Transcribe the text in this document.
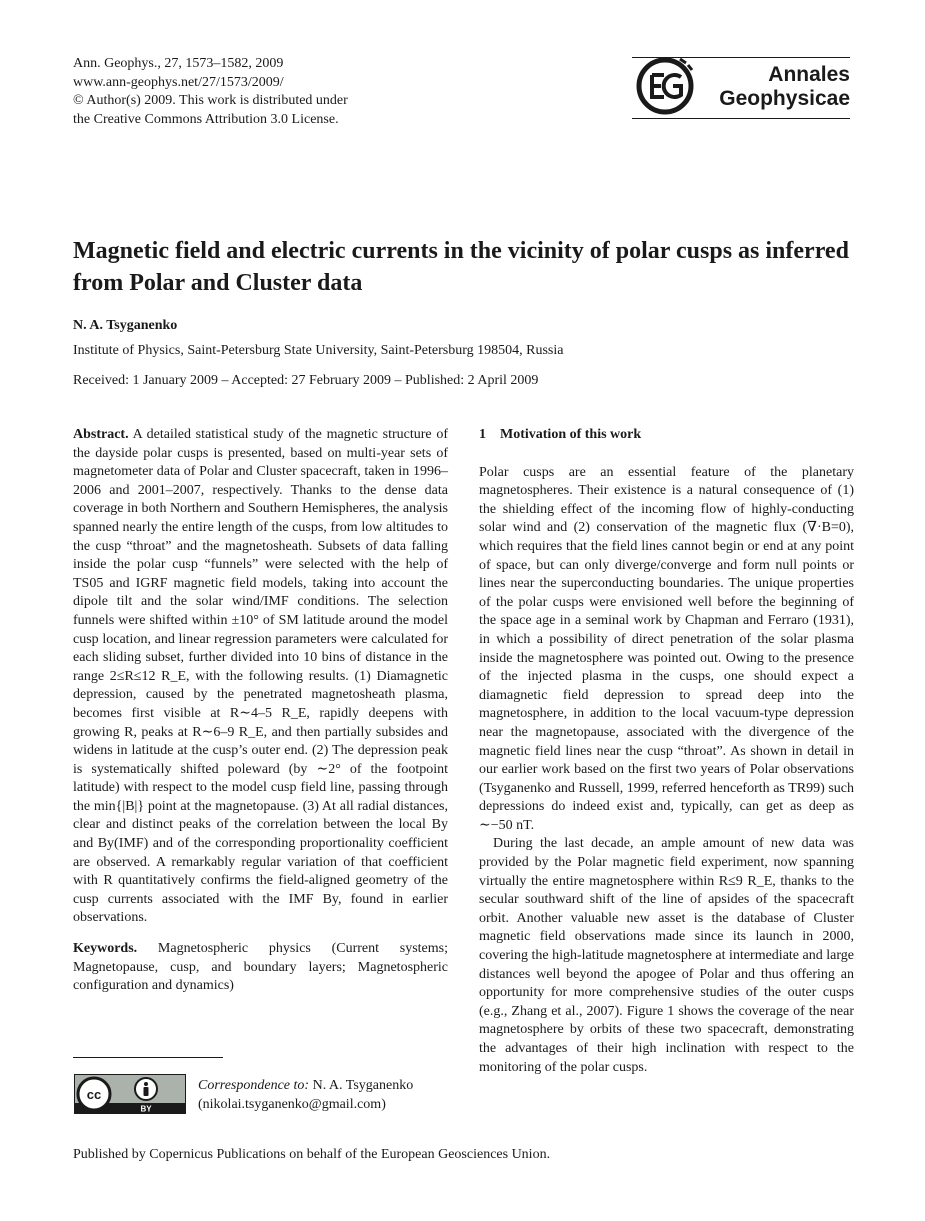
Ann. Geophys., 27, 1573–1582, 2009
www.ann-geophys.net/27/1573/2009/
© Author(s) 2009. This work is distributed under
the Creative Commons Attribution 3.0 License.
Annales
Geophysicae
Magnetic field and electric currents in the vicinity of polar cusps as inferred from Polar and Cluster data
N. A. Tsyganenko
Institute of Physics, Saint-Petersburg State University, Saint-Petersburg 198504, Russia
Received: 1 January 2009 – Accepted: 27 February 2009 – Published: 2 April 2009

Abstract. A detailed statistical study of the magnetic structure of the dayside polar cusps is presented, based on multi-year sets of magnetometer data of Polar and Cluster spacecraft, taken in 1996–2006 and 2001–2007, respectively. Thanks to the dense data coverage in both Northern and Southern Hemispheres, the analysis spanned nearly the entire length of the cusps, from low altitudes to the cusp “throat” and the magnetosheath. Subsets of data falling inside the polar cusp “funnels” were selected with the help of TS05 and IGRF magnetic field models, taking into account the dipole tilt and the solar wind/IMF conditions. The selection funnels were shifted within ±10° of SM latitude around the model cusp location, and linear regression parameters were calculated for each sliding subset, further divided into 10 bins of distance in the range 2≤R≤12 R_E, with the following results. (1) Diamagnetic depression, caused by the penetrated magnetosheath plasma, becomes first visible at R∼4–5 R_E, rapidly deepens with growing R, peaks at R∼6–9 R_E, and then partially subsides and widens in latitude at the cusp’s outer end. (2) The depression peak is systematically shifted poleward (by ∼2° of the footpoint latitude) with respect to the model cusp field line, passing through the min{|B|} point at the magnetopause. (3) At all radial distances, clear and distinct peaks of the correlation between the local By and By(IMF) and of the corresponding proportionality coefficient are observed. A remarkably regular variation of that coefficient with R quantitatively confirms the field-aligned geometry of the cusp currents associated with the IMF By, found in earlier observations.

Keywords. Magnetospheric physics (Current systems; Magnetopause, cusp, and boundary layers; Magnetospheric configuration and dynamics)

cc
BY
Correspondence to: N. A. Tsyganenko
(nikolai.tsyganenko@gmail.com)

1 Motivation of this work

Polar cusps are an essential feature of the planetary magnetospheres. Their existence is a natural consequence of (1) the shielding effect of the incoming flow of highly-conducting solar wind and (2) conservation of the magnetic flux (∇·B=0), which requires that the field lines cannot begin or end at any point of space, but can only diverge/converge and form null points or lines near the superconducting boundaries. The unique properties of the polar cusps were envisioned well before the beginning of the space age in a seminal work by Chapman and Ferraro (1931), in which a possibility of direct penetration of the solar plasma inside the magnetosphere was pointed out. Owing to the presence of the injected plasma in the cusps, one should expect a diamagnetic field depression to spread deep into the magnetosphere, in addition to the local vacuum-type depression near the magnetopause, associated with the divergence of the magnetic field lines near the cusp “throat”. As shown in detail in our earlier work based on the first two years of Polar observations (Tsyganenko and Russell, 1999, referred henceforth as TR99) such depressions do indeed exist and, typically, can get as deep as ∼−50 nT.

During the last decade, an ample amount of new data was provided by the Polar magnetic field experiment, now spanning virtually the entire magnetosphere within R≤9 R_E, thanks to the secular southward shift of the line of apsides of the spacecraft orbit. Another valuable new asset is the database of Cluster magnetic field observations made since its launch in 2000, covering the high-latitude magnetosphere at intermediate and large distances well beyond the apogee of Polar and thus offering an opportunity for more comprehensive studies of the outer cusps (e.g., Zhang et al., 2007). Figure 1 shows the coverage of the near magnetosphere by orbits of these two spacecraft, demonstrating the advantages of their high inclination with respect to the monitoring of the polar cusps.

Published by Copernicus Publications on behalf of the European Geosciences Union.
